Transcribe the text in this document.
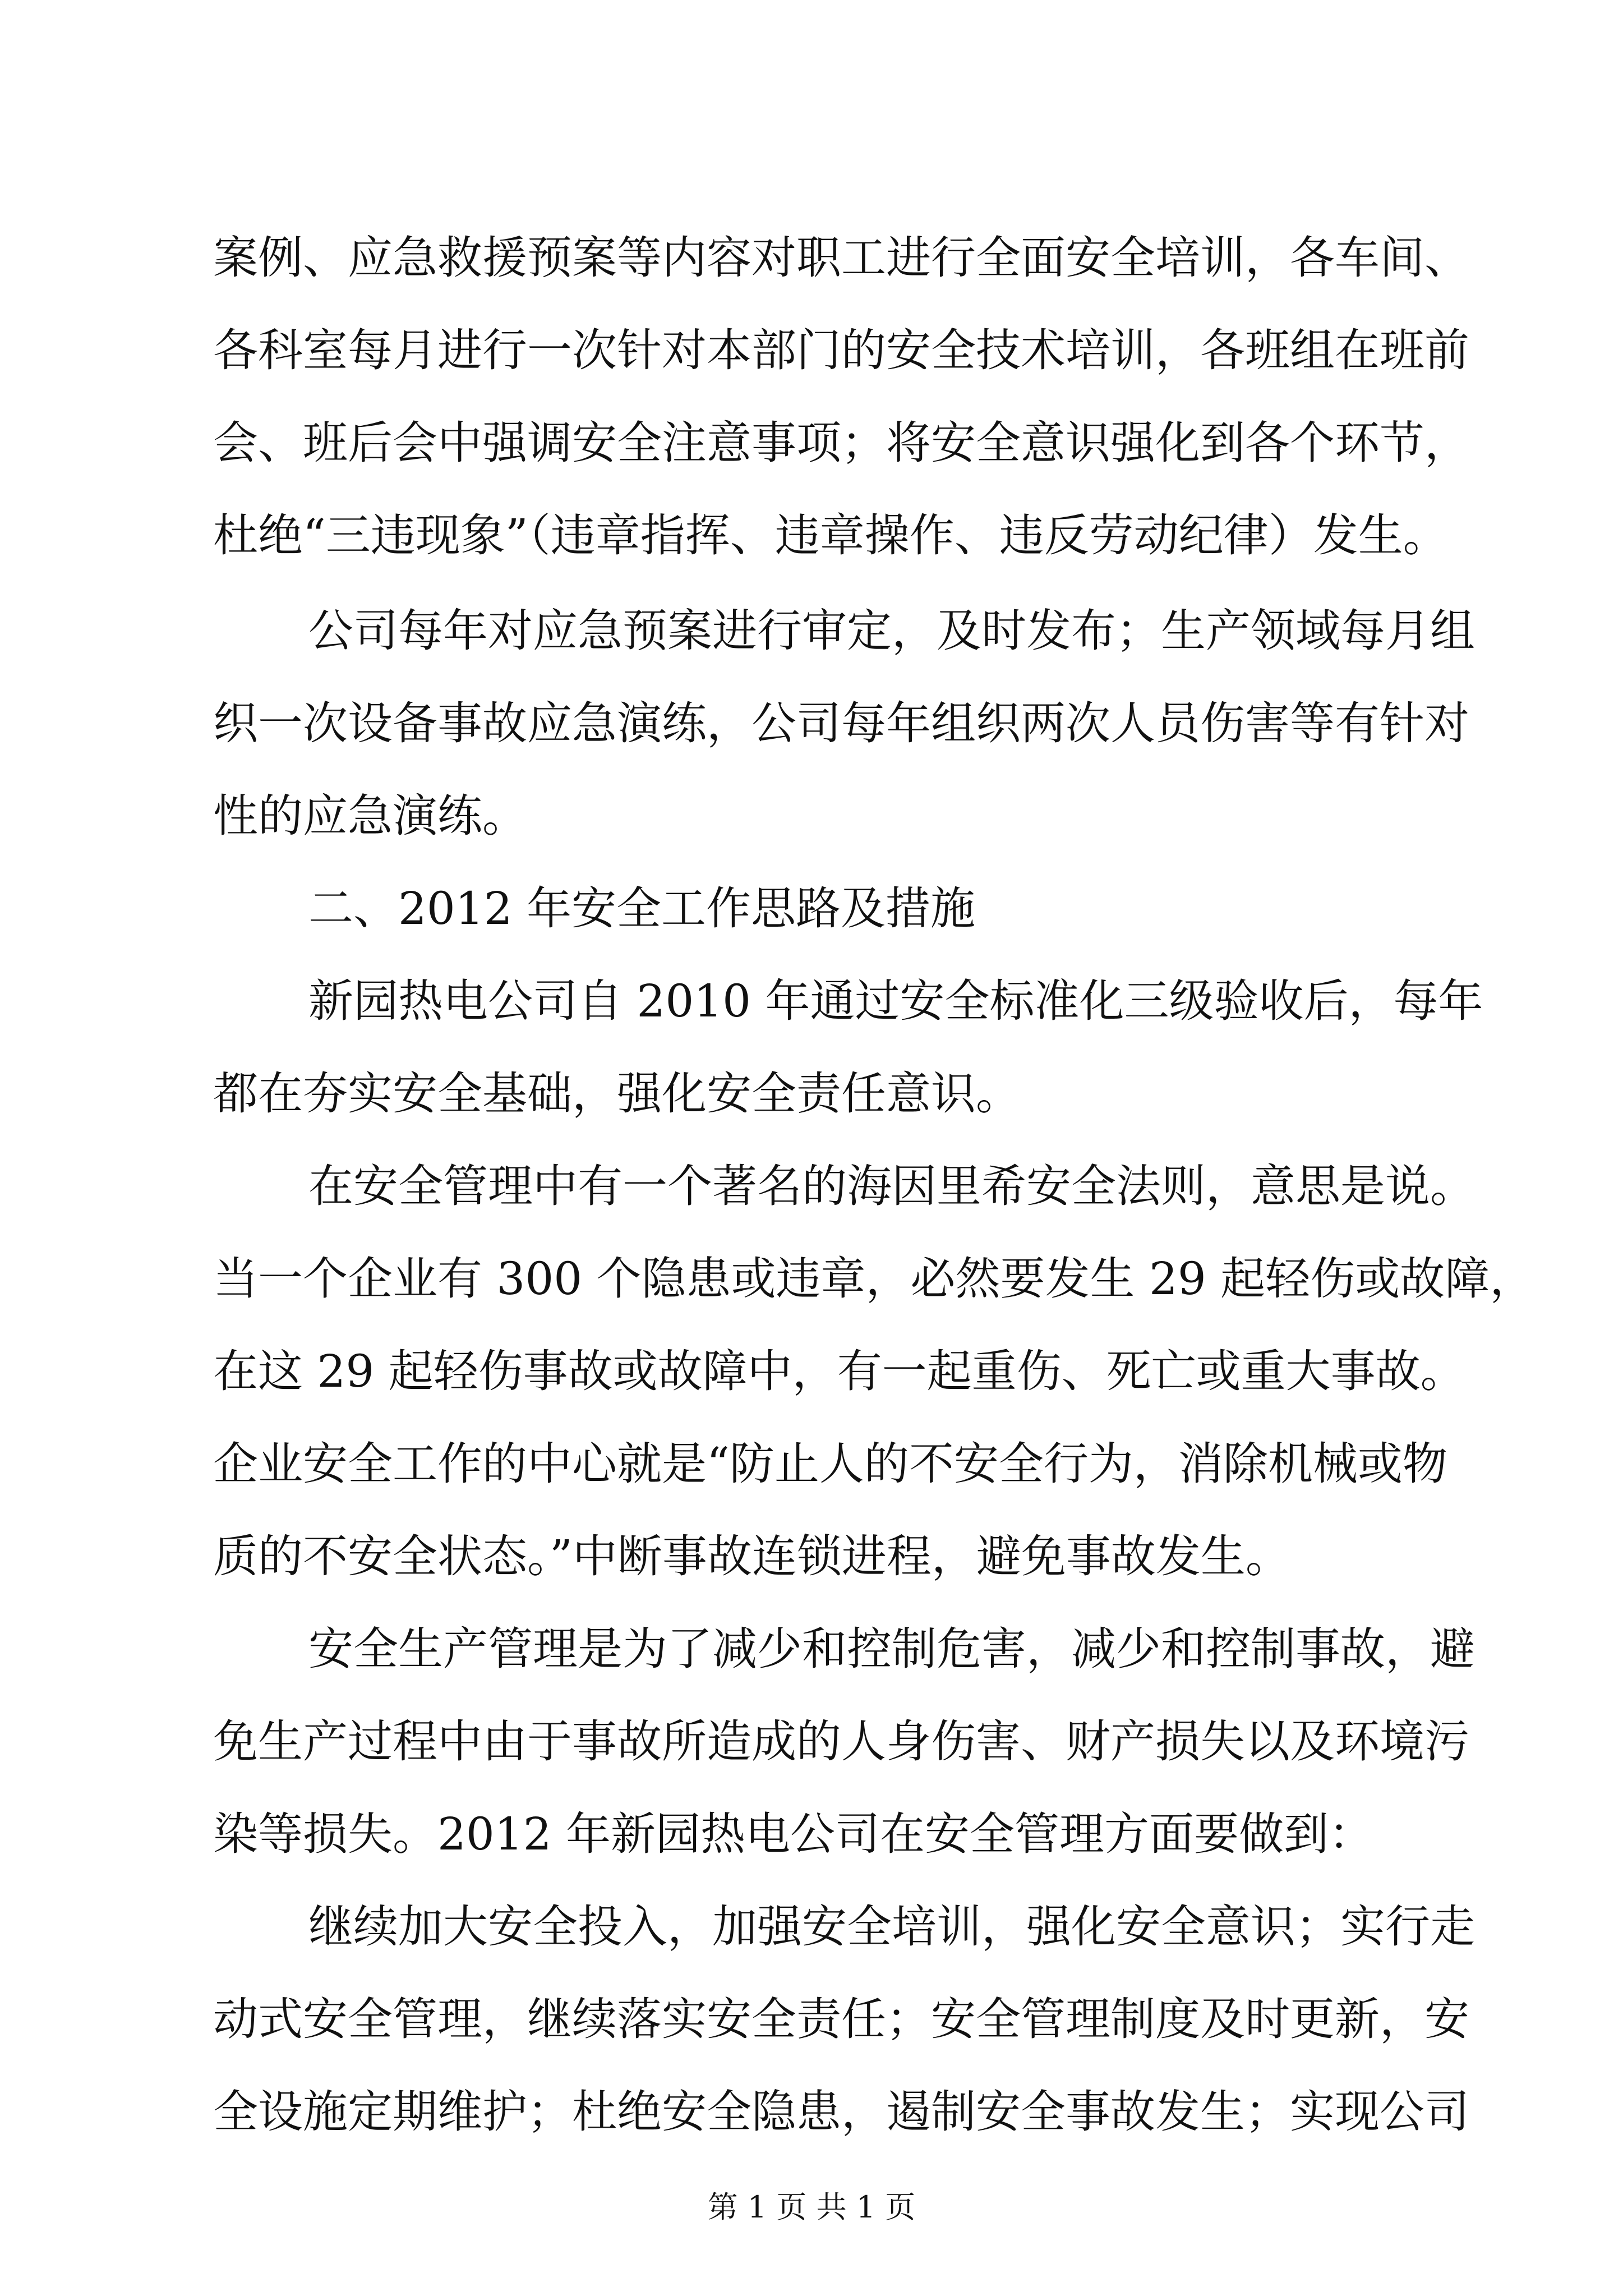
案例、应急救援预案等内容对职工进行全面安全培训，各车间、
各科室每月进行一次针对本部门的安全技术培训，各班组在班前
会、班后会中强调安全注意事项；将安全意识强化到各个环节，
杜绝“三违现象”（违章指挥、违章操作、违反劳动纪律）发生。
公司每年对应急预案进行审定，及时发布；生产领域每月组
织一次设备事故应急演练，公司每年组织两次人员伤害等有针对
性的应急演练。
二、2012 年安全工作思路及措施
新园热电公司自 2010 年通过安全标准化三级验收后，每年
都在夯实安全基础，强化安全责任意识。
在安全管理中有一个著名的海因里希安全法则，意思是说。
当一个企业有 300 个隐患或违章，必然要发生 29 起轻伤或故障，
在这 29 起轻伤事故或故障中，有一起重伤、死亡或重大事故。
企业安全工作的中心就是“防止人的不安全行为，消除机械或物
质的不安全状态。”中断事故连锁进程，避免事故发生。
安全生产管理是为了减少和控制危害，减少和控制事故，避
免生产过程中由于事故所造成的人身伤害、财产损失以及环境污
染等损失。2012 年新园热电公司在安全管理方面要做到：
继续加大安全投入，加强安全培训，强化安全意识；实行走
动式安全管理，继续落实安全责任；安全管理制度及时更新，安
全设施定期维护；杜绝安全隐患，遏制安全事故发生；实现公司
第 1 页 共 1 页
